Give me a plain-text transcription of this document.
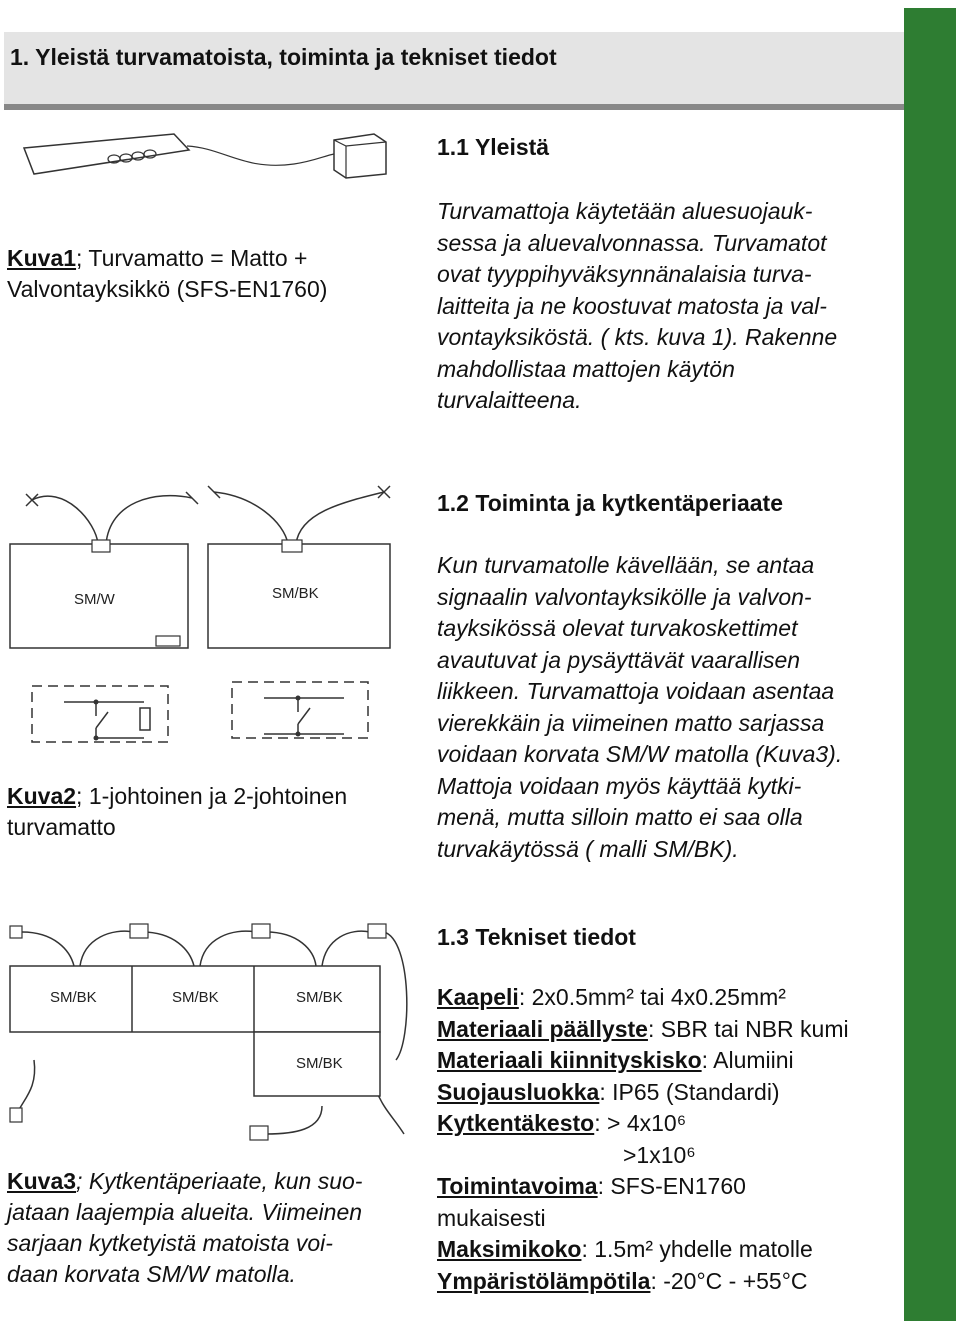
1. Yleistä turvamatoista, toiminta ja tekniset tiedot

1.1 Yleistä

Turvamattoja käytetään aluesuojauk-
sessa ja aluevalvonnassa. Turvamatot
ovat tyyppihyväksynnänalaisia turva-
laitteita ja ne koostuvat matosta ja val-
vontayksiköstä. ( kts. kuva 1). Rakenne
mahdollistaa mattojen käytön
turvalaitteena.

Kuva1; Turvamatto = Matto +
Valvontayksikkö (SFS-EN1760)
SM/W	SM/BK

1.2 Toiminta ja kytkentäperiaate

Kun turvamatolle kävellään, se antaa
signaalin valvontayksikölle ja valvon-
tayksikössä olevat turvakoskettimet
avautuvat ja pysäyttävät vaarallisen
liikkeen. Turvamattoja voidaan asentaa
vierekkäin ja viimeinen matto sarjassa
voidaan korvata SM/W matolla (Kuva3).
Mattoja voidaan myös käyttää kytki-
menä, mutta silloin matto ei saa olla
turvakäytössä ( malli SM/BK).

Kuva2; 1-johtoinen ja 2-johtoinen
turvamatto
SM/BK	SM/BK	SM/BK
SM/BK

1.3 Tekniset tiedot

Kaapeli: 2x0.5mm² tai 4x0.25mm²
Materiaali päällyste: SBR tai NBR kumi
Materiaali kiinnityskisko: Alumiini
Suojausluokka: IP65 (Standardi)
Kytkentäkesto: > 4x10⁶
>1x10⁶
Toimintavoima: SFS-EN1760
mukaisesti
Maksimikoko: 1.5m² yhdelle matolle
Ympäristölämpötila: -20°C - +55°C
Kuva3; Kytkentäperiaate, kun suo-
jataan laajempia alueita. Viimeinen
sarjaan kytketyistä matoista voi-
daan korvata SM/W matolla.
